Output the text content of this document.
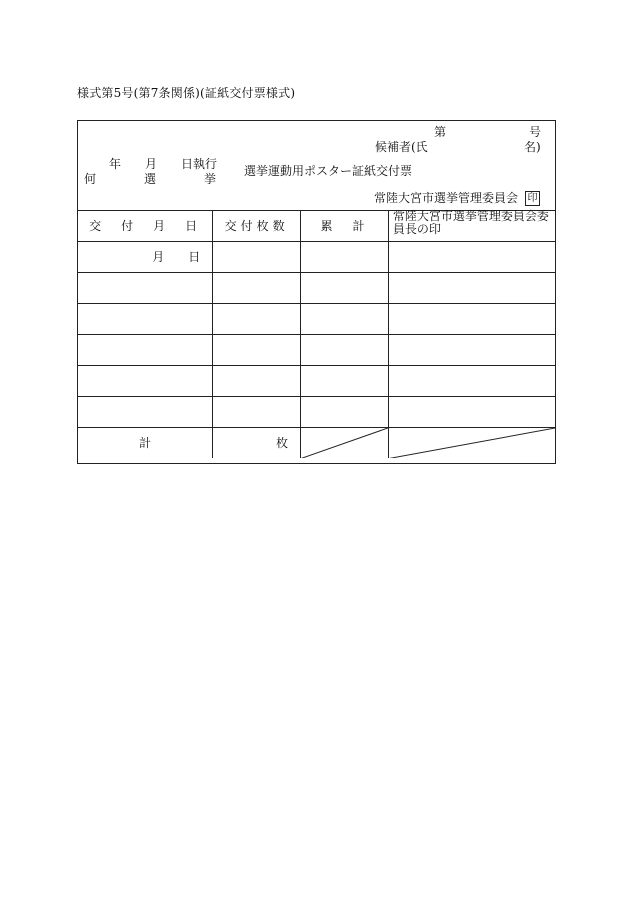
様式第5号(第7条関係)(証紙交付票様式)
第	号
候補者(氏	名)
年　　月　　日執行
何　　　　選　　　　挙
選挙運動用ポスター証紙交付票
常陸大宮市選挙管理委員会 印
交　付　月　日	交付枚数	累　計	常陸大宮市選挙管理委員会委員長の印
月　　日			

計	枚	
